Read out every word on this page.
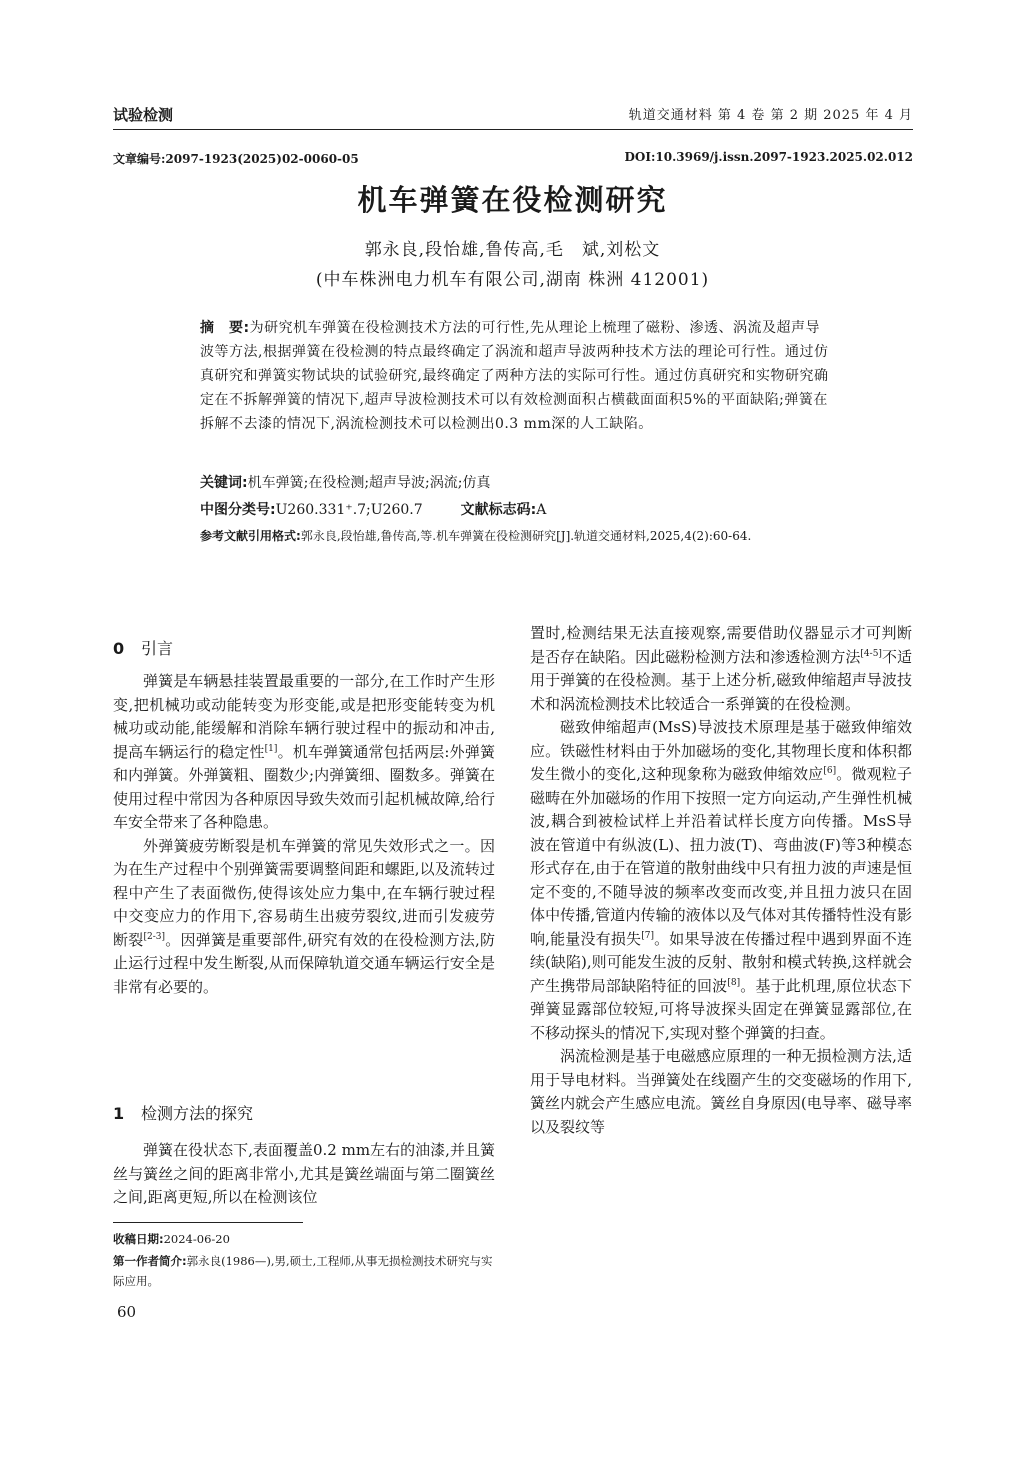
试验检测	轨道交通材料 第 4 卷 第 2 期 2025 年 4 月
文章编号:2097-1923(2025)02-0060-05	DOI:10.3969/j.issn.2097-1923.2025.02.012
机车弹簧在役检测研究
郭永良,段怡雄,鲁传高,毛　斌,刘松文
(中车株洲电力机车有限公司,湖南 株洲 412001)
摘　要:为研究机车弹簧在役检测技术方法的可行性,先从理论上梳理了磁粉、渗透、涡流及超声导波等方法,根据弹簧在役检测的特点最终确定了涡流和超声导波两种技术方法的理论可行性。通过仿真研究和弹簧实物试块的试验研究,最终确定了两种方法的实际可行性。通过仿真研究和实物研究确定在不拆解弹簧的情况下,超声导波检测技术可以有效检测面积占横截面面积5%的平面缺陷;弹簧在拆解不去漆的情况下,涡流检测技术可以检测出0.3 mm深的人工缺陷。
关键词:机车弹簧;在役检测;超声导波;涡流;仿真
中图分类号:U260.331⁺.7;U260.7	文献标志码:A
参考文献引用格式:郭永良,段怡雄,鲁传高,等.机车弹簧在役检测研究[J].轨道交通材料,2025,4(2):60-64.
0 引言

弹簧是车辆悬挂装置最重要的一部分,在工作时产生形变,把机械功或动能转变为形变能,或是把形变能转变为机械功或动能,能缓解和消除车辆行驶过程中的振动和冲击,提高车辆运行的稳定性[1]。机车弹簧通常包括两层:外弹簧和内弹簧。外弹簧粗、圈数少;内弹簧细、圈数多。弹簧在使用过程中常因为各种原因导致失效而引起机械故障,给行车安全带来了各种隐患。

外弹簧疲劳断裂是机车弹簧的常见失效形式之一。因为在生产过程中个别弹簧需要调整间距和螺距,以及流转过程中产生了表面微伤,使得该处应力集中,在车辆行驶过程中交变应力的作用下,容易萌生出疲劳裂纹,进而引发疲劳断裂[2-3]。因弹簧是重要部件,研究有效的在役检测方法,防止运行过程中发生断裂,从而保障轨道交通车辆运行安全是非常有必要的。

1 检测方法的探究

弹簧在役状态下,表面覆盖0.2 mm左右的油漆,并且簧丝与簧丝之间的距离非常小,尤其是簧丝端面与第二圈簧丝之间,距离更短,所以在检测该位

收稿日期:2024-06-20
第一作者简介:郭永良(1986—),男,硕士,工程师,从事无损检测技术研究与实际应用。
60

置时,检测结果无法直接观察,需要借助仪器显示才可判断是否存在缺陷。因此磁粉检测方法和渗透检测方法[4-5]不适用于弹簧的在役检测。基于上述分析,磁致伸缩超声导波技术和涡流检测技术比较适合一系弹簧的在役检测。

磁致伸缩超声(MsS)导波技术原理是基于磁致伸缩效应。铁磁性材料由于外加磁场的变化,其物理长度和体积都发生微小的变化,这种现象称为磁致伸缩效应[6]。微观粒子磁畴在外加磁场的作用下按照一定方向运动,产生弹性机械波,耦合到被检试样上并沿着试样长度方向传播。MsS导波在管道中有纵波(L)、扭力波(T)、弯曲波(F)等3种模态形式存在,由于在管道的散射曲线中只有扭力波的声速是恒定不变的,不随导波的频率改变而改变,并且扭力波只在固体中传播,管道内传输的液体以及气体对其传播特性没有影响,能量没有损失[7]。如果导波在传播过程中遇到界面不连续(缺陷),则可能发生波的反射、散射和模式转换,这样就会产生携带局部缺陷特征的回波[8]。基于此机理,原位状态下弹簧显露部位较短,可将导波探头固定在弹簧显露部位,在不移动探头的情况下,实现对整个弹簧的扫查。

涡流检测是基于电磁感应原理的一种无损检测方法,适用于导电材料。当弹簧处在线圈产生的交变磁场的作用下,簧丝内就会产生感应电流。簧丝自身原因(电导率、磁导率以及裂纹等
